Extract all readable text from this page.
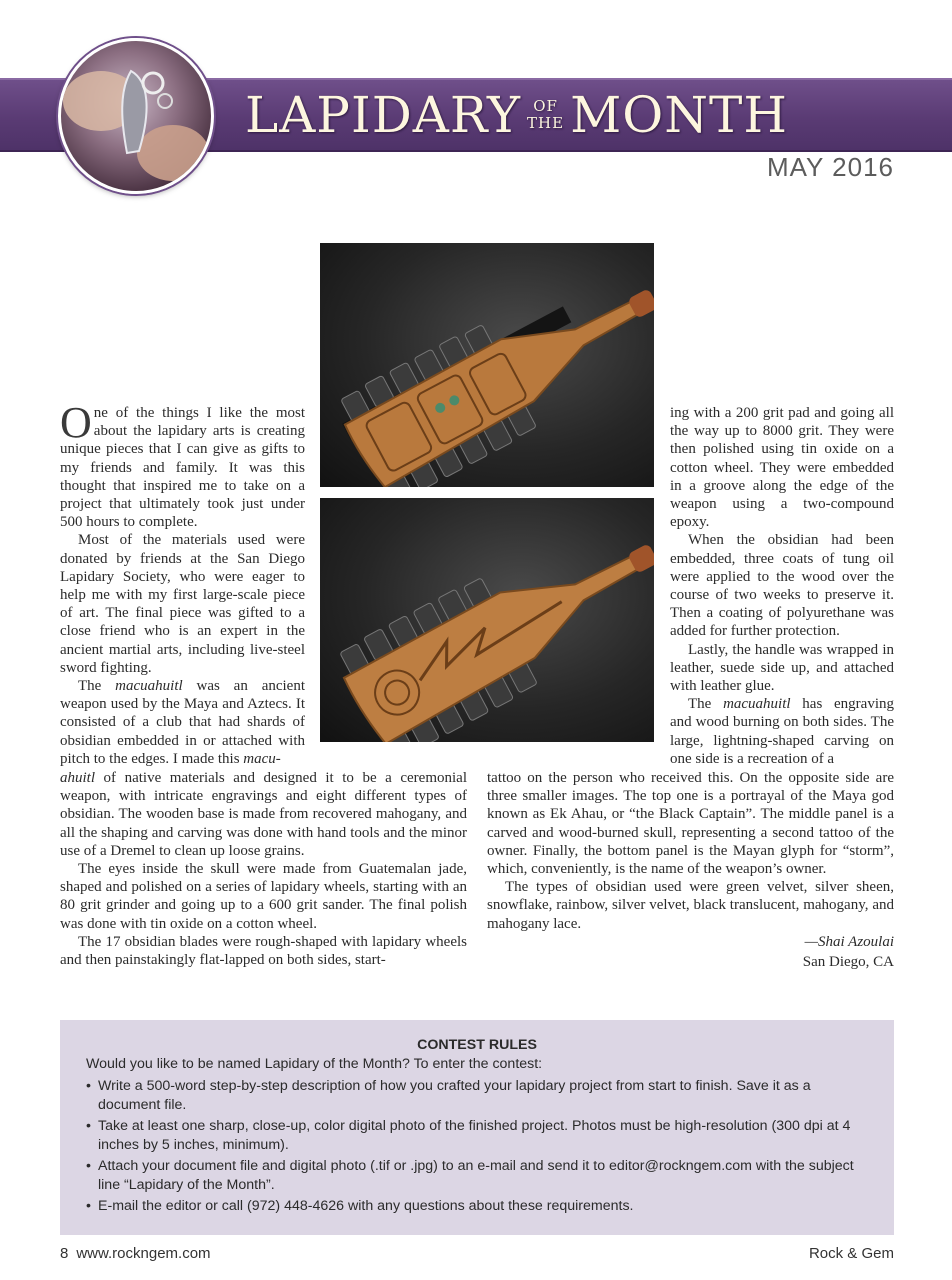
LAPIDARY OF
THE MONTH
MAY 2016

One of the things I like the most about the lapidary arts is creating unique pieces that I can give as gifts to my friends and family. It was this thought that inspired me to take on a project that ultimately took just under 500 hours to complete.

Most of the materials used were donated by friends at the San Diego Lapidary Society, who were eager to help me with my first large-scale piece of art. The final piece was gifted to a close friend who is an expert in the ancient martial arts, including live-steel sword fighting.

The macuahuitl was an ancient weapon used by the Maya and Aztecs. It consisted of a club that had shards of obsidian embedded in or attached with pitch to the edges. I made this macu-

ahuitl of native materials and designed it to be a ceremonial weapon, with intricate engravings and eight different types of obsidian. The wooden base is made from recovered mahogany, and all the shaping and carving was done with hand tools and the minor use of a Dremel to clean up loose grains.

The eyes inside the skull were made from Guatemalan jade, shaped and polished on a series of lapidary wheels, starting with an 80 grit grinder and going up to a 600 grit sander. The final polish was done with tin oxide on a cotton wheel.

The 17 obsidian blades were rough-shaped with lapidary wheels and then painstakingly flat-lapped on both sides, start-

ing with a 200 grit pad and going all the way up to 8000 grit. They were then polished using tin oxide on a cotton wheel. They were embedded in a groove along the edge of the weapon using a two-compound epoxy.

When the obsidian had been embedded, three coats of tung oil were applied to the wood over the course of two weeks to preserve it. Then a coating of polyurethane was added for further protection.

Lastly, the handle was wrapped in leather, suede side up, and attached with leather glue.

The macuahuitl has engraving and wood burning on both sides. The large, lightning-shaped carving on one side is a recreation of a

tattoo on the person who received this. On the opposite side are three smaller images. The top one is a portrayal of the Maya god known as Ek Ahau, or “the Black Captain”. The middle panel is a carved and wood-burned skull, representing a second tattoo of the owner. Finally, the bottom panel is the Mayan glyph for “storm”, which, conveniently, is the name of the weapon’s owner.

The types of obsidian used were green velvet, silver sheen, snowflake, rainbow, silver velvet, black translucent, mahogany, and mahogany lace.

—Shai Azoulai
San Diego, CA
CONTEST RULES
Would you like to be named Lapidary of the Month? To enter the contest:
• Write a 500-word step-by-step description of how you crafted your lapidary project from start to finish. Save it as a document file.
• Take at least one sharp, close-up, color digital photo of the finished project. Photos must be high-resolution (300 dpi at 4 inches by 5 inches, minimum).
• Attach your document file and digital photo (.tif or .jpg) to an e-mail and send it to editor@rockngem.com with the subject line “Lapidary of the Month”.
• E-mail the editor or call (972) 448-4626 with any questions about these requirements.
8 www.rockngem.com	Rock & Gem
